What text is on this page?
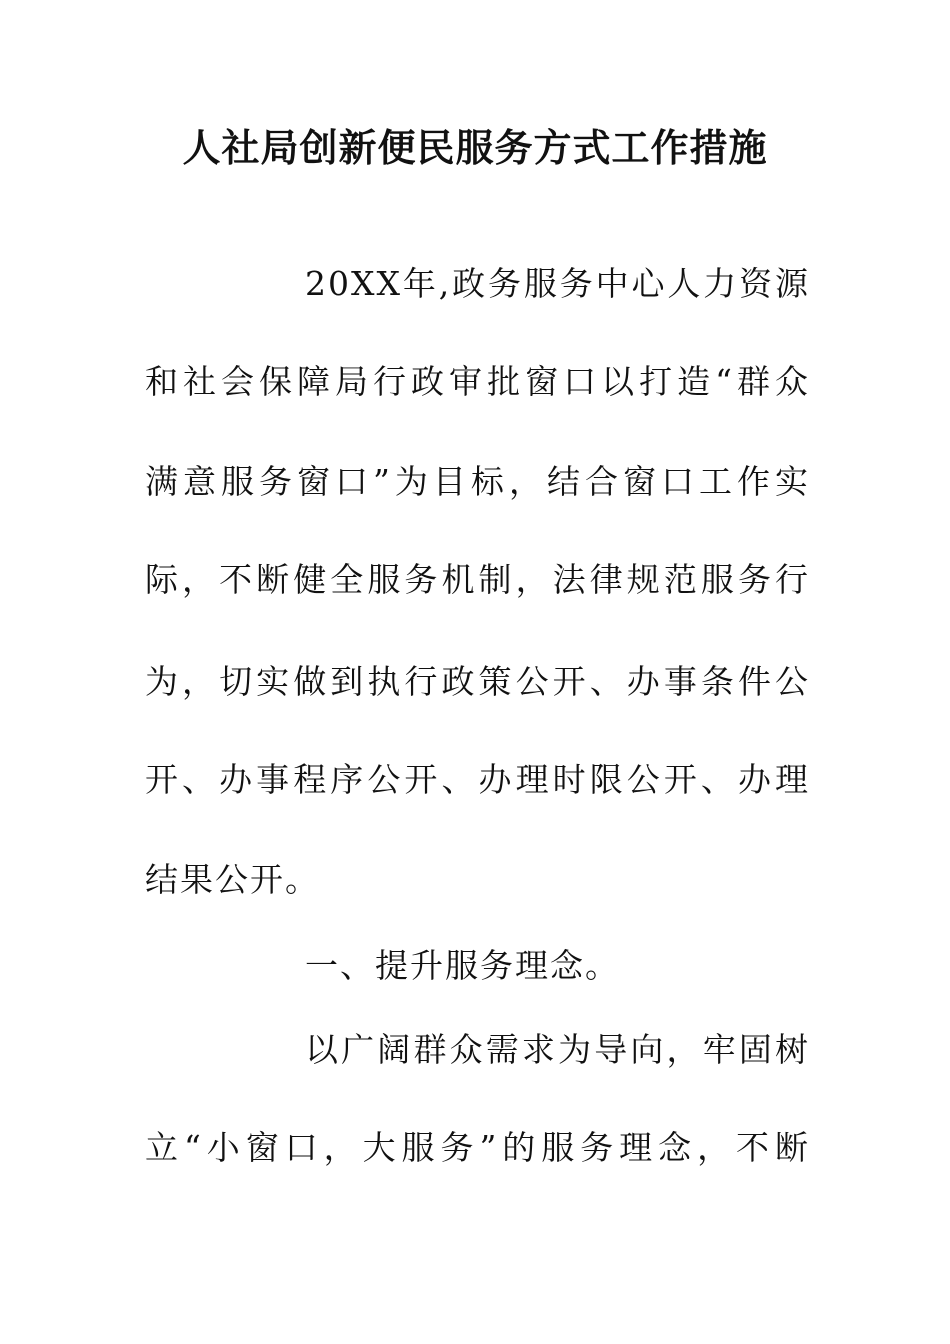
人社局创新便民服务方式工作措施

20XX年,政务服务中心人力资源

和社会保障局行政审批窗口以打造“群众

满意服务窗口”为目标，结合窗口工作实

际，不断健全服务机制，法律规范服务行

为，切实做到执行政策公开、办事条件公

开、办事程序公开、办理时限公开、办理

结果公开。

一、提升服务理念。

以广阔群众需求为导向，牢固树

立“小窗口，大服务”的服务理念，不断
